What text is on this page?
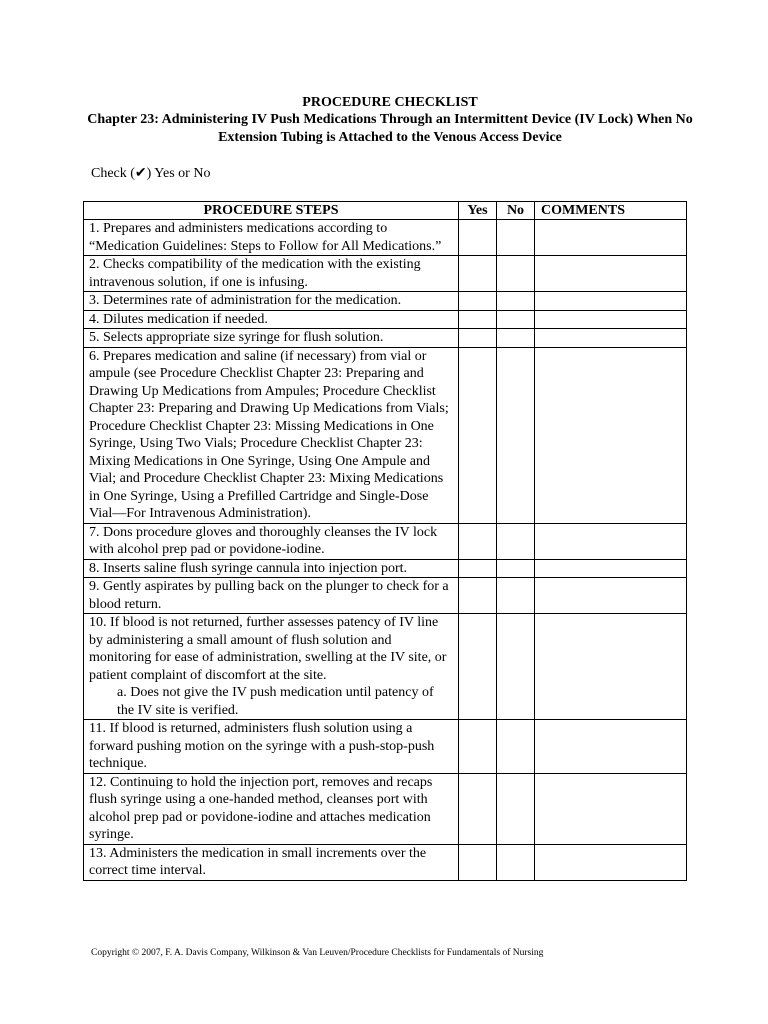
PROCEDURE CHECKLIST
Chapter 23: Administering IV Push Medications Through an Intermittent Device (IV Lock) When No Extension Tubing is Attached to the Venous Access Device
Check (✔) Yes or No
PROCEDURE STEPS	Yes	No	COMMENTS
1. Prepares and administers medications according to “Medication Guidelines: Steps to Follow for All Medications.”			
2. Checks compatibility of the medication with the existing intravenous solution, if one is infusing.			
3. Determines rate of administration for the medication.			
4. Dilutes medication if needed.			
5. Selects appropriate size syringe for flush solution.			
6. Prepares medication and saline (if necessary) from vial or ampule (see Procedure Checklist Chapter 23: Preparing and Drawing Up Medications from Ampules; Procedure Checklist Chapter 23: Preparing and Drawing Up Medications from Vials; Procedure Checklist Chapter 23: Missing Medications in One Syringe, Using Two Vials; Procedure Checklist Chapter 23: Mixing Medications in One Syringe, Using One Ampule and Vial; and Procedure Checklist Chapter 23: Mixing Medications in One Syringe, Using a Prefilled Cartridge and Single-Dose Vial—For Intravenous Administration).			
7. Dons procedure gloves and thoroughly cleanses the IV lock with alcohol prep pad or povidone-iodine.			
8. Inserts saline flush syringe cannula into injection port.			
9. Gently aspirates by pulling back on the plunger to check for a blood return.			

10. If blood is not returned, further assesses patency of IV line by administering a small amount of flush solution and monitoring for ease of administration, swelling at the IV site, or patient complaint of discomfort at the site.
a. Does not give the IV push medication until patency of the IV site is verified.			

11. If blood is returned, administers flush solution using a forward pushing motion on the syringe with a push-stop-push technique.			
12. Continuing to hold the injection port, removes and recaps flush syringe using a one-handed method, cleanses port with alcohol prep pad or povidone-iodine and attaches medication syringe.			
13. Administers the medication in small increments over the correct time interval.			
Copyright © 2007, F. A. Davis Company, Wilkinson & Van Leuven/Procedure Checklists for Fundamentals of Nursing
